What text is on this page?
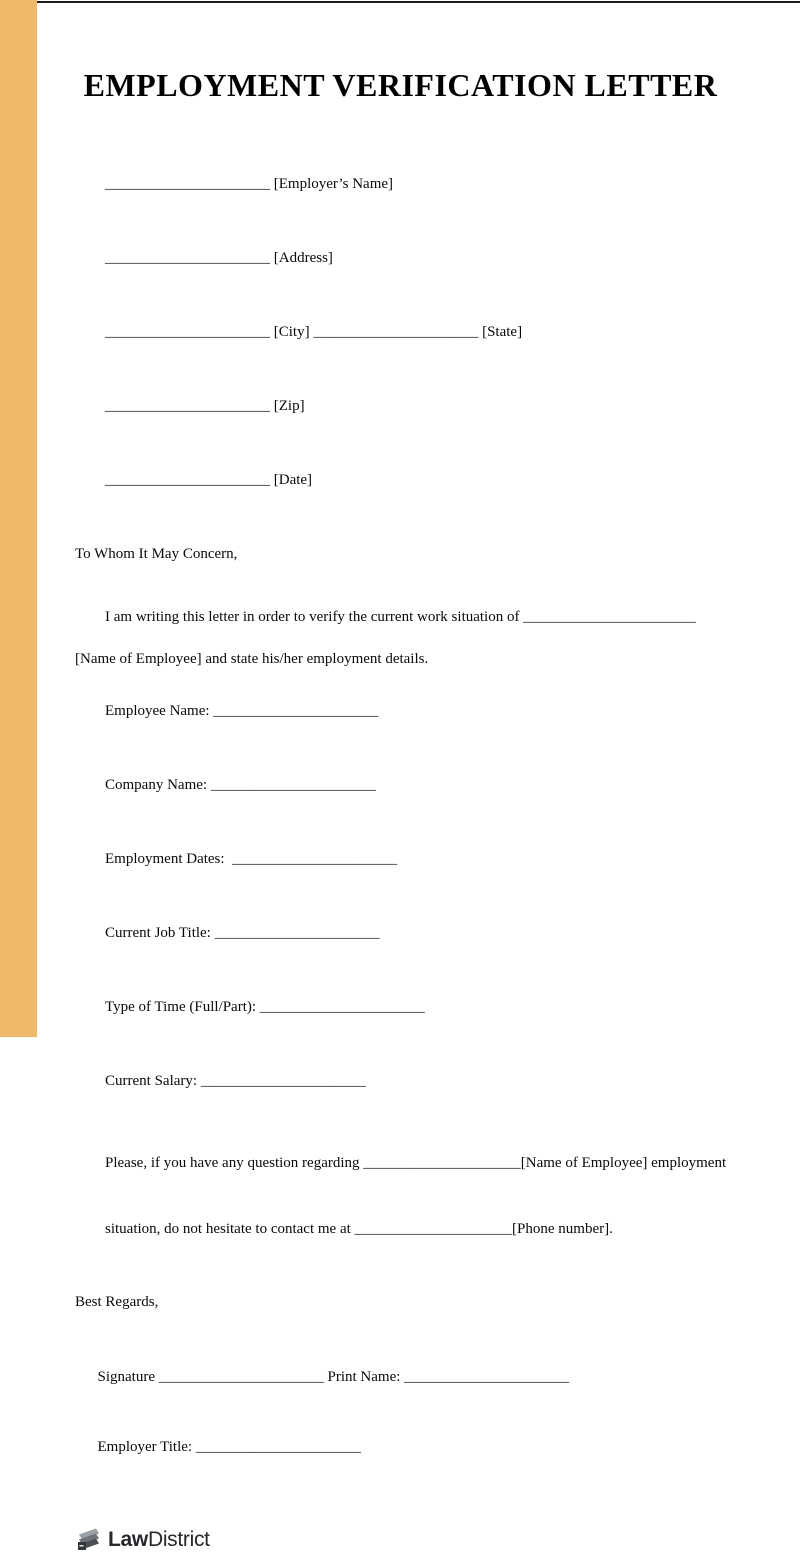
EMPLOYMENT VERIFICATION LETTER

______________________ [Employer’s Name]

______________________ [Address]

______________________ [City] ______________________ [State]

______________________ [Zip]

______________________ [Date]

To Whom It May Concern,

I am writing this letter in order to verify the current work situation of _______________________

[Name of Employee] and state his/her employment details.

Employee Name: ______________________

Company Name: ______________________

Employment Dates:  ______________________

Current Job Title: ______________________

Type of Time (Full/Part): ______________________

Current Salary: ______________________

Please, if you have any question regarding _____________________[Name of Employee] employment

situation, do not hesitate to contact me at _____________________[Phone number].

Best Regards,

Signature ______________________ Print Name: ______________________

Employer Title: ______________________

LawDistrict
